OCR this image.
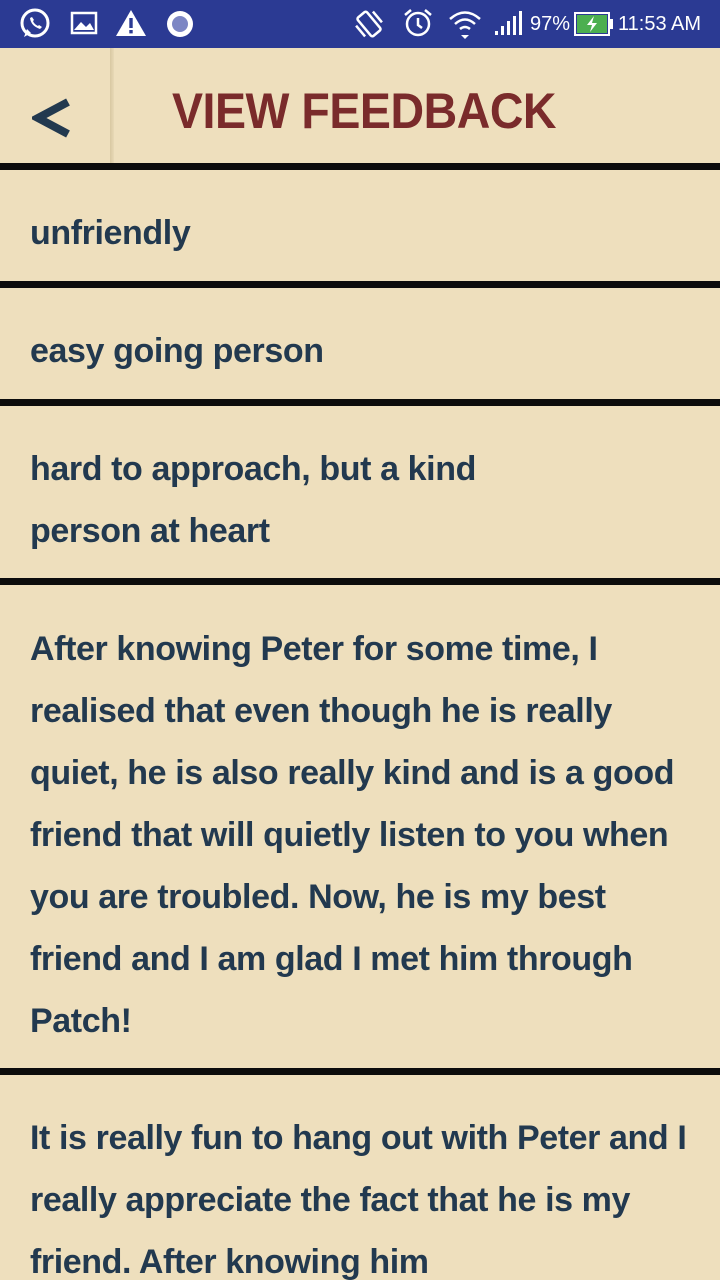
97% 11:53 AM
VIEW FEEDBACK
unfriendly
easy going person
hard to approach, but a kind person at heart
After knowing Peter for some time, I realised that even though he is really quiet, he is also really kind and is a good friend that will quietly listen to you when you are troubled. Now, he is my best friend and I am glad I met him through Patch!
It is really fun to hang out with Peter and I really appreciate the fact that he is my friend. After knowing him
